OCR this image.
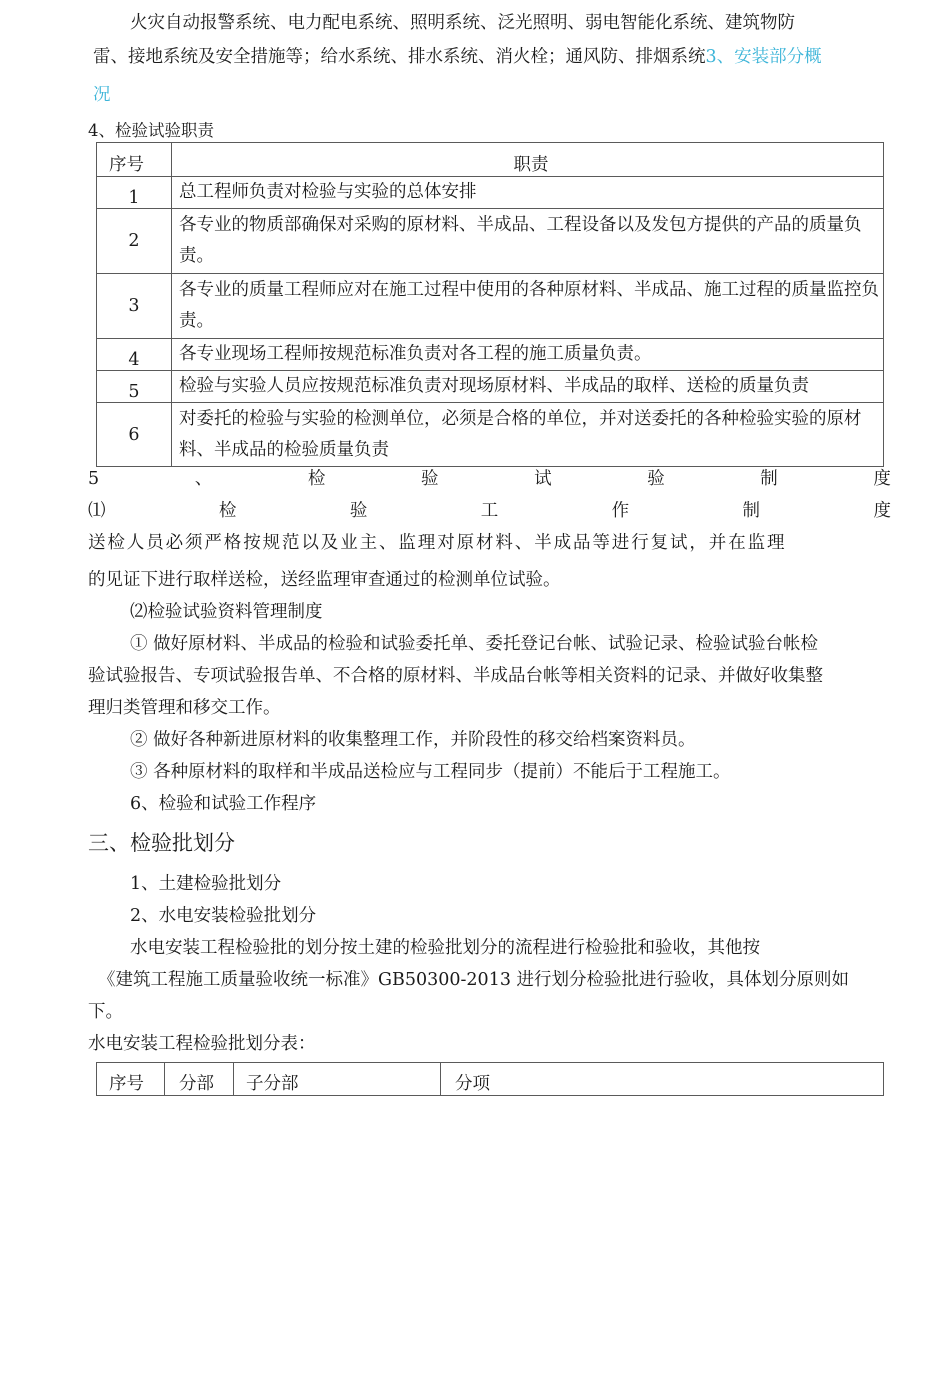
火灾自动报警系统、电力配电系统、照明系统、泛光照明、弱电智能化系统、建筑物防
雷、接地系统及安全措施等；给水系统、排水系统、消火栓；通风防、排烟系统3、安装部分概
况
4、检验试验职责
序号	职责
1	总工程师负责对检验与实验的总体安排
2	各专业的物质部确保对采购的原材料、半成品、工程设备以及发包方提供的产品的质量负责。
3	各专业的质量工程师应对在施工过程中使用的各种原材料、半成品、施工过程的质量监控负责。
4	各专业现场工程师按规范标准负责对各工程的施工质量负责。
5	检验与实验人员应按规范标准负责对现场原材料、半成品的取样、送检的质量负责
6	对委托的检验与实验的检测单位，必须是合格的单位，并对送委托的各种检验实验的原材料、半成品的检验质量负责
5	、	检	验	试	验	制	度
⑴	检	验	工	作	制	度
送检人员必须严格按规范以及业主、监理对原材料、半成品等进行复试，并在监理
的见证下进行取样送检，送经监理审查通过的检测单位试验。
⑵检验试验资料管理制度
① 做好原材料、半成品的检验和试验委托单、委托登记台帐、试验记录、检验试验台帐检
验试验报告、专项试验报告单、不合格的原材料、半成品台帐等相关资料的记录、并做好收集整
理归类管理和移交工作。
② 做好各种新进原材料的收集整理工作，并阶段性的移交给档案资料员。
③ 各种原材料的取样和半成品送检应与工程同步（提前）不能后于工程施工。
6、检验和试验工作程序
三、检验批划分
1、土建检验批划分
2、水电安装检验批划分
水电安装工程检验批的划分按土建的检验批划分的流程进行检验批和验收，其他按
《建筑工程施工质量验收统一标准》GB50300-2013 进行划分检验批进行验收，具体划分原则如
下。
水电安装工程检验批划分表：
序号	分部	子分部	分项
